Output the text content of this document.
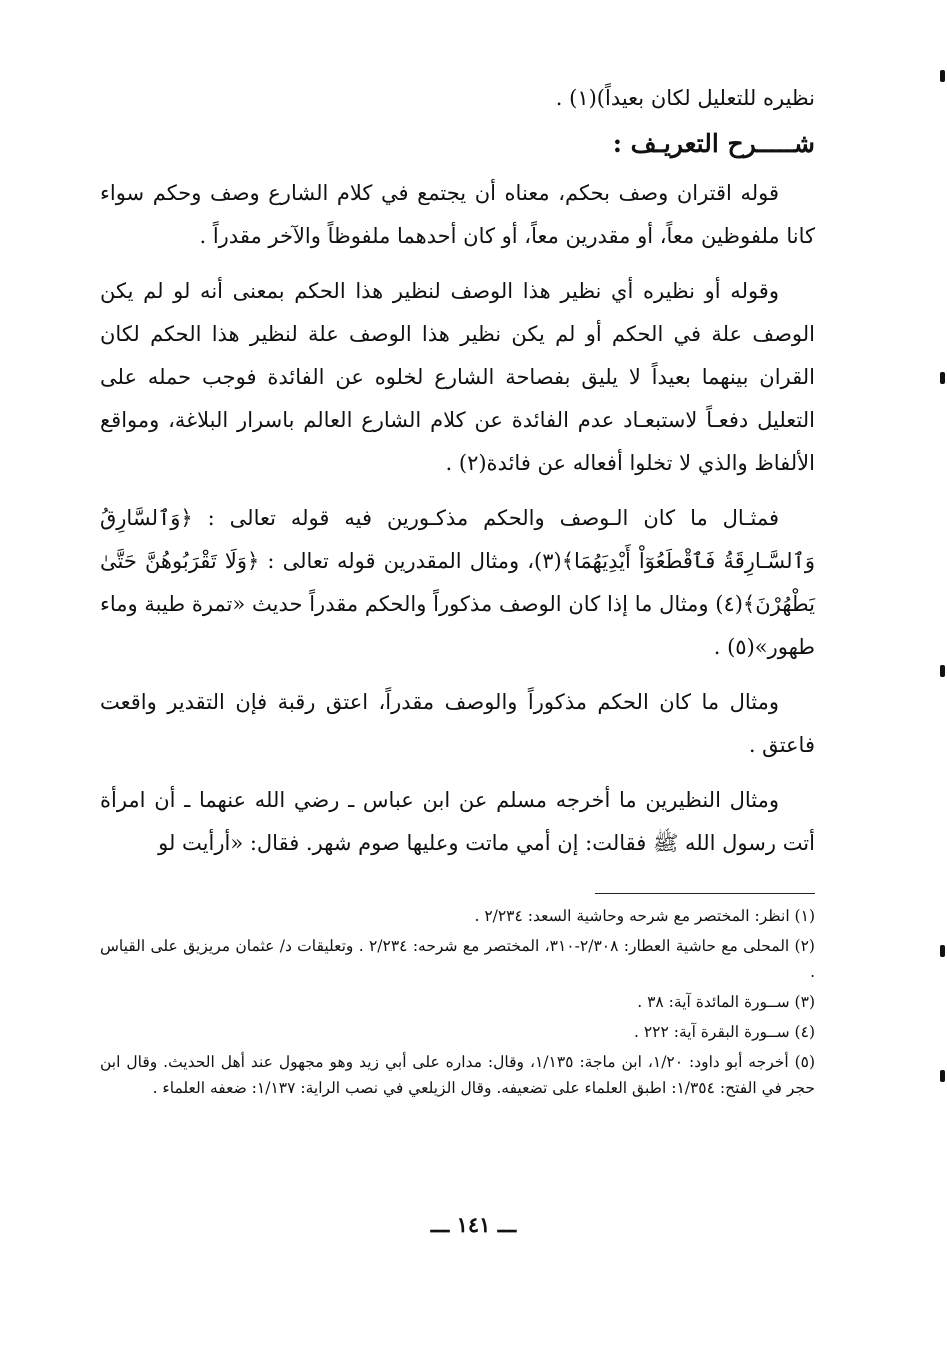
نظيره للتعليل لكان بعيداً)(١) .

شـــــرح التعريـف :

قوله اقتران وصف بحكم، معناه أن يجتمع في كلام الشارع وصف وحكم سواء كانا ملفوظين معاً، أو مقدرين معاً، أو كان أحدهما ملفوظاً والآخر مقدراً .

وقوله أو نظيره أي نظير هذا الوصف لنظير هذا الحكم بمعنى أنه لو لم يكن الوصف علة في الحكم أو لم يكن نظير هذا الوصف علة لنظير هذا الحكم لكان القران بينهما بعيداً لا يليق بفصاحة الشارع لخلوه عن الفائدة فوجب حمله على التعليل دفعـاً لاستبعـاد عدم الفائدة عن كلام الشارع العالم باسرار البلاغة، ومواقع الألفاظ والذي لا تخلوا أفعاله عن فائدة(٢) .

فمثـال ما كان الـوصف والحكم مذكـورين فيه قوله تعالى : ﴿وَٱلسَّارِقُ وَٱلسَّـارِقَةُ فَٱقْطَعُوٓاْ أَيْدِيَهُمَا﴾(٣)، ومثال المقدرين قوله تعالى : ﴿وَلَا تَقْرَبُوهُنَّ حَتَّىٰ يَطْهُرْنَ﴾(٤) ومثال ما إذا كان الوصف مذكوراً والحكم مقدراً حديث «تمرة طيبة وماء طهور»(٥) .

ومثال ما كان الحكم مذكوراً والوصف مقدراً، اعتق رقبة فإن التقدير واقعت فاعتق .

ومثال النظيرين ما أخرجه مسلم عن ابن عباس ـ رضي الله عنهما ـ أن امرأة أتت رسول الله ﷺ فقالت: إن أمي ماتت وعليها صوم شهر. فقال: «أرأيت لو

(١) انظر: المختصر مع شرحه وحاشية السعد: ٢/٢٣٤ .

(٢) المحلى مع حاشية العطار: ٢/٣٠٨-٣١٠، المختصر مع شرحه: ٢/٢٣٤ . وتعليقات د/ عثمان مريزيق على القياس .

(٣) ســورة المائدة آية: ٣٨ .

(٤) ســورة البقرة آية: ٢٢٢ .

(٥) أخرجه أبو داود: ١/٢٠، ابن ماجة: ١/١٣٥، وقال: مداره على أبي زيد وهو مجهول عند أهل الحديث. وقال ابن حجر في الفتح: ١/٣٥٤: اطبق العلماء على تضعيفه. وقال الزيلعي في نصب الراية: ١/١٣٧: ضعفه العلماء .

ـــ ١٤١ ـــ
